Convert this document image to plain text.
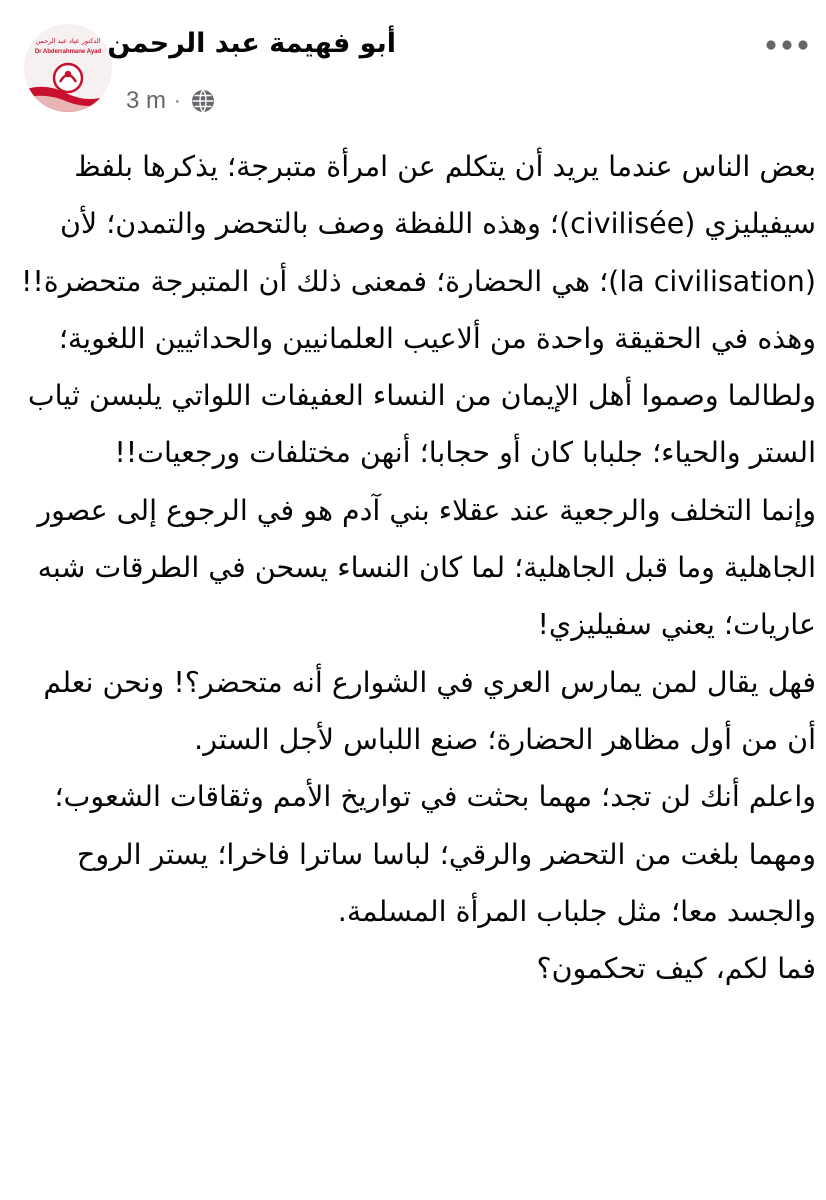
الدكتور عياد عبد الرحمن
Dr Abderrahmane Ayad أبو فهيمة عبد الرحمن
3 m ·

بعض الناس عندما يريد أن يتكلم عن امرأة متبرجة؛ يذكرها بلفظ سيفيليزي (civilisée)؛ وهذه اللفظة وصف بالتحضر والتمدن؛ لأن (la civilisation)؛ هي الحضارة؛ فمعنى ذلك أن المتبرجة متحضرة!!

وهذه في الحقيقة واحدة من ألاعيب العلمانيين والحداثيين اللغوية؛ ولطالما وصموا أهل الإيمان من النساء العفيفات اللواتي يلبسن ثياب الستر والحياء؛ جلبابا كان أو حجابا؛ أنهن مختلفات ورجعيات!!

وإنما التخلف والرجعية عند عقلاء بني آدم هو في الرجوع إلى عصور الجاهلية وما قبل الجاهلية؛ لما كان النساء يسحن في الطرقات شبه عاريات؛ يعني سفيليزي!

فهل يقال لمن يمارس العري في الشوارع أنه متحضر؟! ونحن نعلم أن من أول مظاهر الحضارة؛ صنع اللباس لأجل الستر.

واعلم أنك لن تجد؛ مهما بحثت في تواريخ الأمم وثقاقات الشعوب؛ ومهما بلغت من التحضر والرقي؛ لباسا ساترا فاخرا؛ يستر الروح والجسد معا؛ مثل جلباب المرأة المسلمة.

فما لكم، كيف تحكمون؟
